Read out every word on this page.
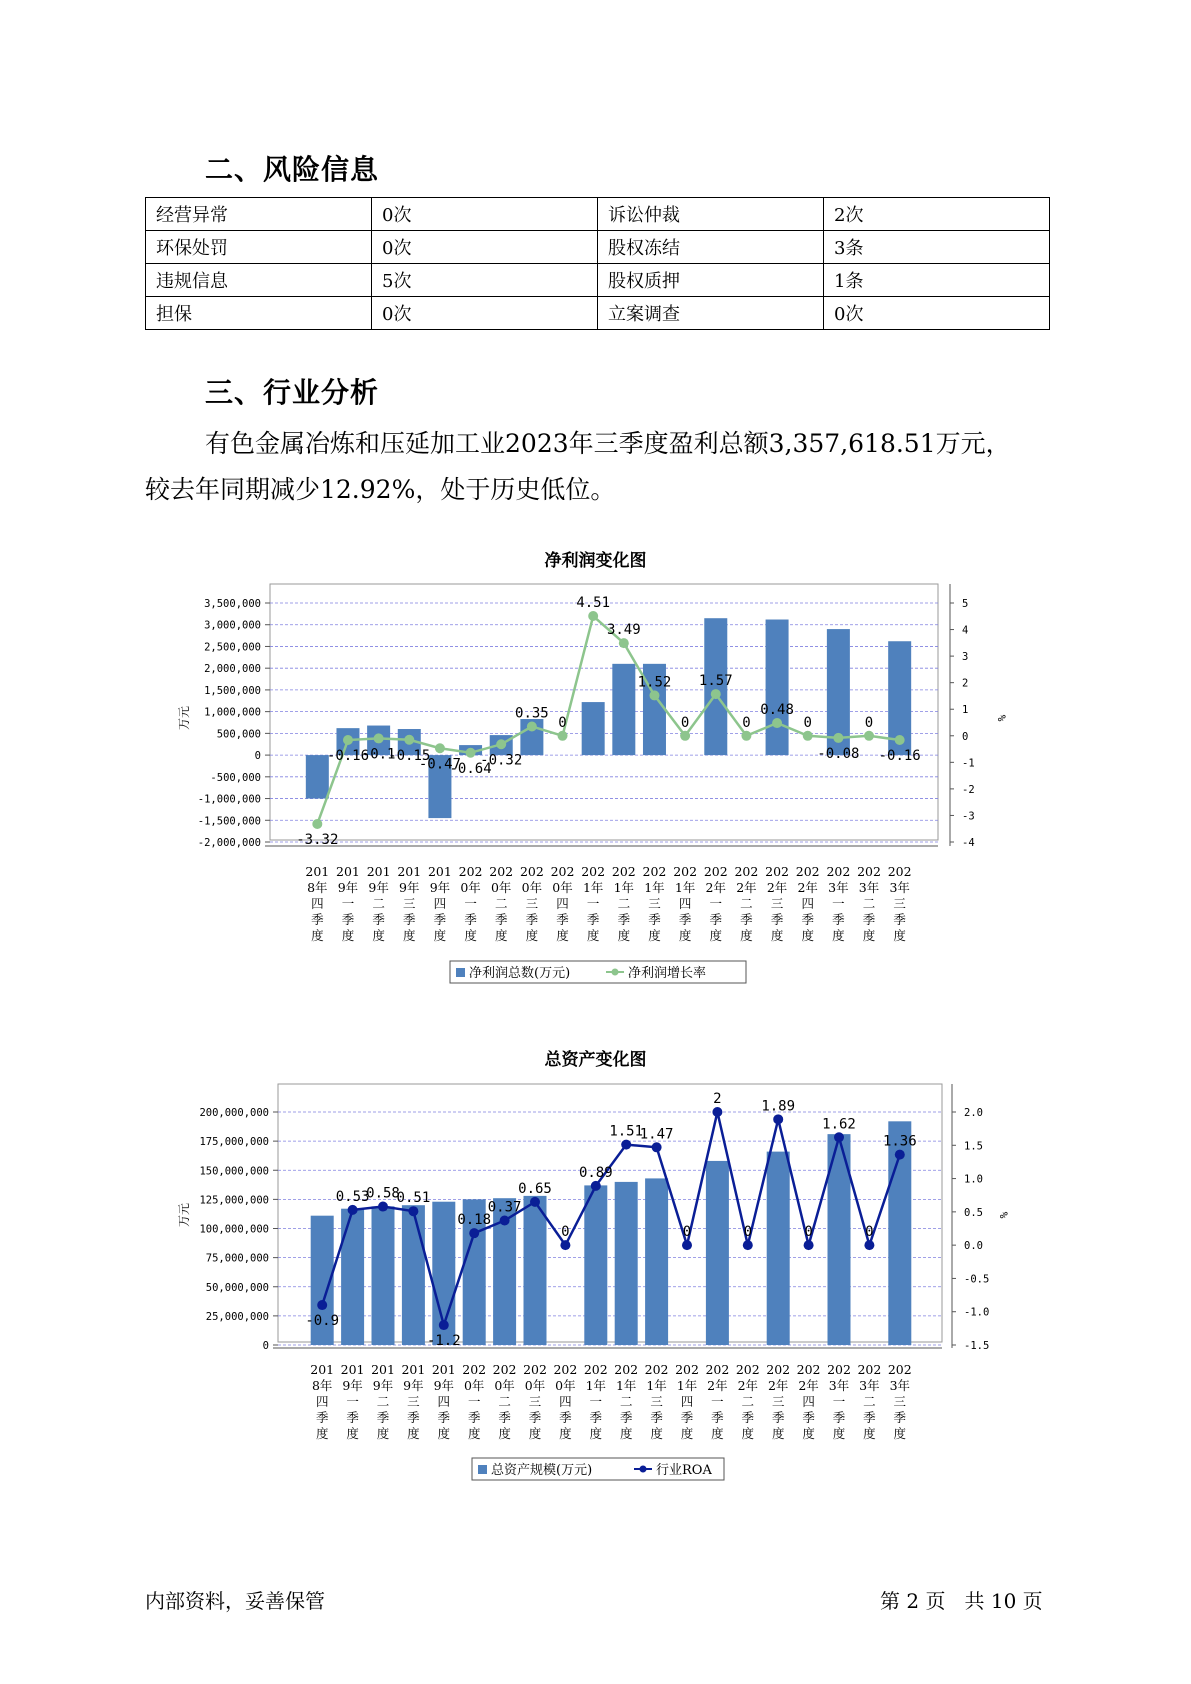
二、风险信息
经营异常	0次	诉讼仲裁	2次
环保处罚	0次	股权冻结	3条
违规信息	5次	股权质押	1条
担保	0次	立案调查	0次
三、行业分析
有色金属冶炼和压延加工业2023年三季度盈利总额3,357,618.51万元，
较去年同期减少12.92%，处于历史低位。
净利润变化图
3,500,000
3,000,000
2,500,000
2,000,000
1,500,000
1,000,000
500,000
0
-500,000
-1,000,000
-1,500,000
-2,000,000
5
4
3
2
1
0
-1
-2
-3
-4
万元	%
-3.32
-0.16
-0.1
-0.15
-0.47
-0.64
-0.32
0.35
0
4.51
3.49
1.52
0
1.57
0
0.48
0
-0.08
0
-0.16
201
8年
四
季
度
201
9年
一
季
度
201
9年
二
季
度
201
9年
三
季
度
201
9年
四
季
度
202
0年
一
季
度
202
0年
二
季
度
202
0年
三
季
度
202
0年
四
季
度
202
1年
一
季
度
202
1年
二
季
度
202
1年
三
季
度
202
1年
四
季
度
202
2年
一
季
度
202
2年
二
季
度
202
2年
三
季
度
202
2年
四
季
度
202
3年
一
季
度
202
3年
二
季
度
202
3年
三
季
度
净利润总数(万元)	净利润增长率
总资产变化图
200,000,000
175,000,000
150,000,000
125,000,000
100,000,000
75,000,000
50,000,000
25,000,000
0
2.0
1.5
1.0
0.5
0.0
-0.5
-1.0
-1.5
万元	%
-0.9
0.53
0.58
0.51
-1.2
0.18
0.37
0.65
0
0.89
1.51
1.47
0
2
0
1.89
0
1.62
0
1.36
201
8年
四
季
度
201
9年
一
季
度
201
9年
二
季
度
201
9年
三
季
度
201
9年
四
季
度
202
0年
一
季
度
202
0年
二
季
度
202
0年
三
季
度
202
0年
四
季
度
202
1年
一
季
度
202
1年
二
季
度
202
1年
三
季
度
202
1年
四
季
度
202
2年
一
季
度
202
2年
二
季
度
202
2年
三
季
度
202
2年
四
季
度
202
3年
一
季
度
202
3年
二
季
度
202
3年
三
季
度
总资产规模(万元)	行业ROA
内部资料，妥善保管	第 2 页   共 10 页
